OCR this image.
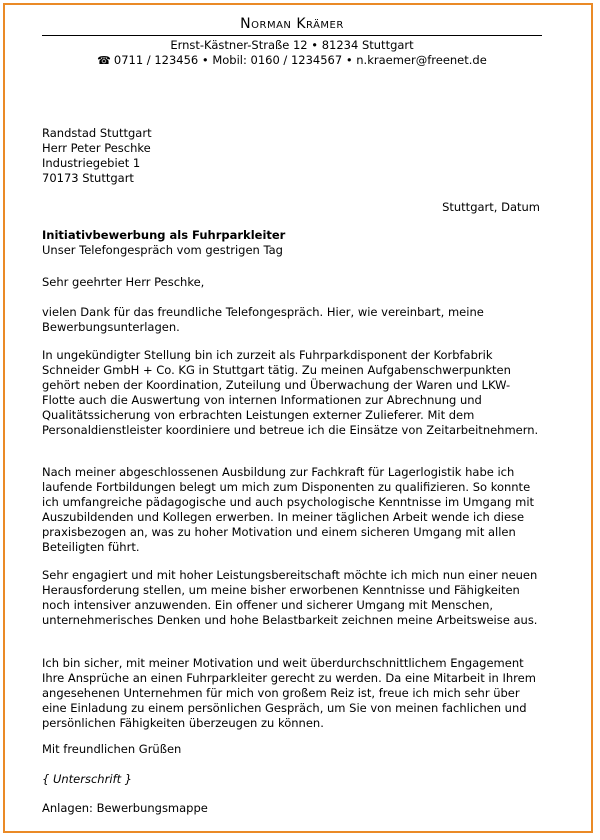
Norman Krämer
Ernst-Kästner-Straße 12 • 81234 Stuttgart
☎ 0711 / 123456 • Mobil: 0160 / 1234567 • n.kraemer@freenet.de
Randstad Stuttgart
Herr Peter Peschke
Industriegebiet 1
70173 Stuttgart
Stuttgart, Datum
Initiativbewerbung als Fuhrparkleiter
Unser Telefongespräch vom gestrigen Tag
Sehr geehrter Herr Peschke,

vielen Dank für das freundliche Telefongespräch. Hier, wie vereinbart, meine Bewerbungsunterlagen.

In ungekündigter Stellung bin ich zurzeit als Fuhrparkdisponent der Korbfabrik Schneider GmbH + Co. KG in Stuttgart tätig. Zu meinen Aufgabenschwerpunkten gehört neben der Koordination, Zuteilung und Überwachung der Waren und LKW-Flotte auch die Auswertung von internen Informationen zur Abrechnung und Qualitätssicherung von erbrachten Leistungen externer Zulieferer. Mit dem Personaldienstleister koordiniere und betreue ich die Einsätze von Zeitarbeitnehmern.

Nach meiner abgeschlossenen Ausbildung zur Fachkraft für Lagerlogistik habe ich laufende Fortbildungen belegt um mich zum Disponenten zu qualifizieren. So konnte ich umfangreiche pädagogische und auch psychologische Kenntnisse im Umgang mit Auszubildenden und Kollegen erwerben. In meiner täglichen Arbeit wende ich diese praxisbezogen an, was zu hoher Motivation und einem sicheren Umgang mit allen Beteiligten führt.

Sehr engagiert und mit hoher Leistungsbereitschaft möchte ich mich nun einer neuen Herausforderung stellen, um meine bisher erworbenen Kenntnisse und Fähigkeiten noch intensiver anzuwenden. Ein offener und sicherer Umgang mit Menschen, unternehmerisches Denken und hohe Belastbarkeit zeichnen meine Arbeitsweise aus.

Ich bin sicher, mit meiner Motivation und weit überdurchschnittlichem Engagement Ihre Ansprüche an einen Fuhrparkleiter gerecht zu werden. Da eine Mitarbeit in Ihrem angesehenen Unternehmen für mich von großem Reiz ist, freue ich mich sehr über eine Einladung zu einem persönlichen Gespräch, um Sie von meinen fachlichen und persönlichen Fähigkeiten überzeugen zu können.

Mit freundlichen Grüßen
{ Unterschrift }
Anlagen: Bewerbungsmappe
